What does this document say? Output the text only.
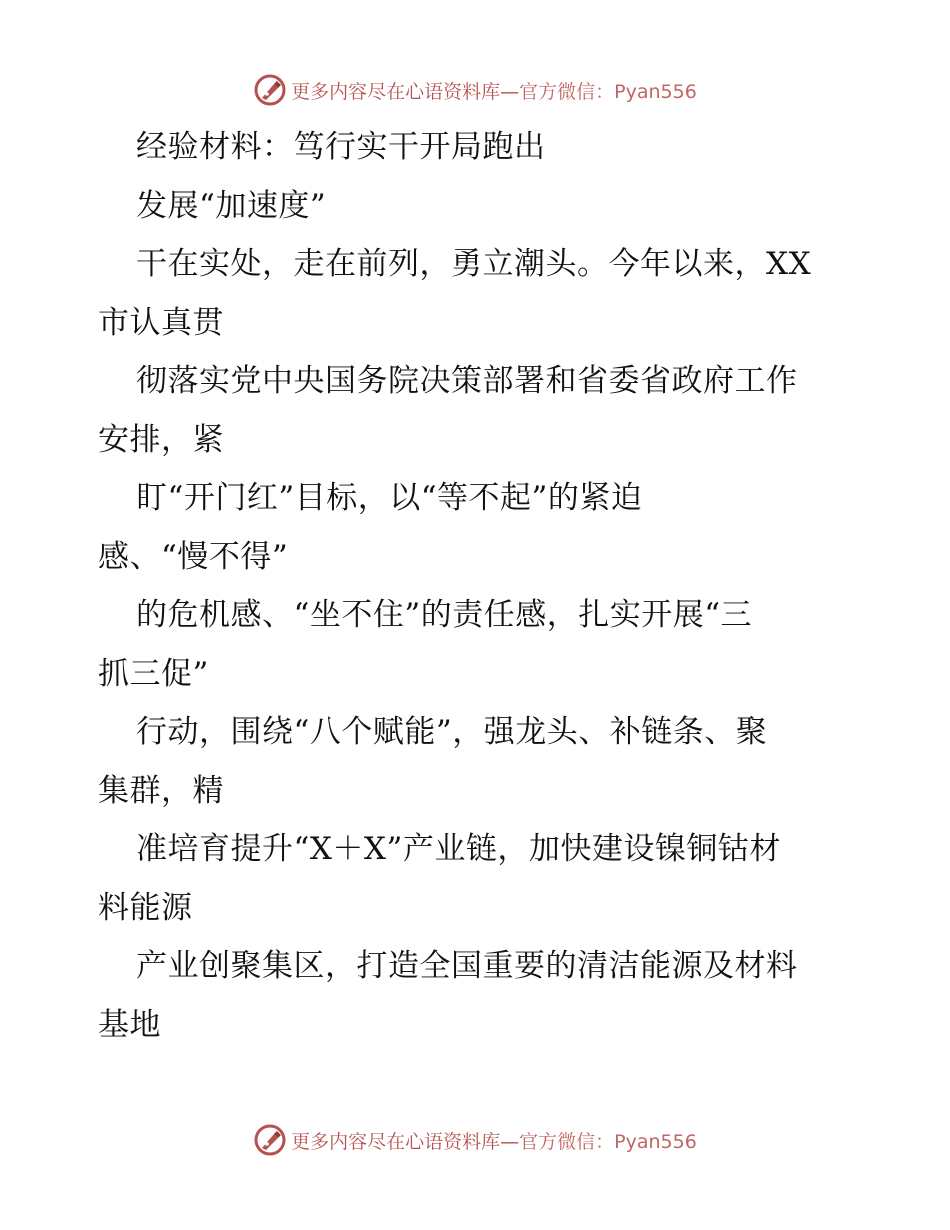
更多内容尽在心语资料库—官方微信：Pyan556
经验材料：笃行实干开局跑出
发展“加速度”
干在实处，走在前列，勇立潮头。今年以来，XX
市认真贯
彻落实党中央国务院决策部署和省委省政府工作
安排，紧
盯“开门红”目标，以“等不起”的紧迫
感、“慢不得”
的危机感、“坐不住”的责任感，扎实开展“三
抓三促”
行动，围绕“八个赋能”，强龙头、补链条、聚
集群，精
准培育提升“X＋X”产业链，加快建设镍铜钴材
料能源
产业创聚集区，打造全国重要的清洁能源及材料
基地
更多内容尽在心语资料库—官方微信：Pyan556
